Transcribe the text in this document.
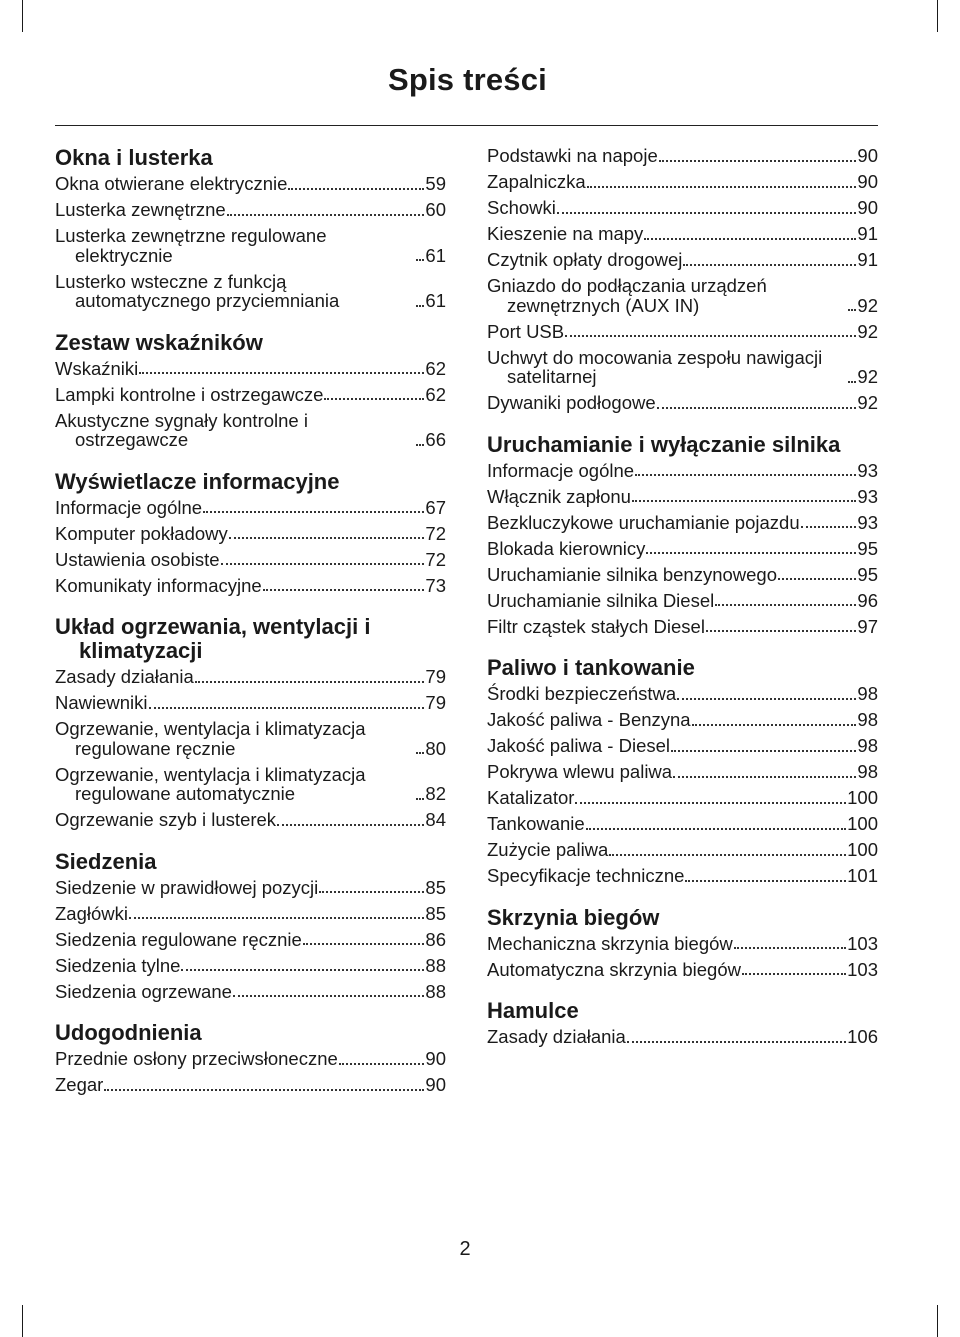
Spis treści
Okna i lusterka
Okna otwierane elektrycznie	59
Lusterka zewnętrzne	60
Lusterka zewnętrzne regulowane elektrycznie	61
Lusterko wsteczne z funkcją automatycznego przyciemniania	61
Zestaw wskaźników
Wskaźniki	62
Lampki kontrolne i ostrzegawcze	62
Akustyczne sygnały kontrolne i ostrzegawcze	66
Wyświetlacze informacyjne
Informacje ogólne	67
Komputer pokładowy	72
Ustawienia osobiste	72
Komunikaty informacyjne	73
Układ ogrzewania, wentylacji i klimatyzacji
Zasady działania	79
Nawiewniki	79
Ogrzewanie, wentylacja i klimatyzacja regulowane ręcznie	80
Ogrzewanie, wentylacja i klimatyzacja regulowane automatycznie	82
Ogrzewanie szyb i lusterek	84
Siedzenia
Siedzenie w prawidłowej pozycji	85
Zagłówki	85
Siedzenia regulowane ręcznie	86
Siedzenia tylne	88
Siedzenia ogrzewane	88
Udogodnienia
Przednie osłony przeciwsłoneczne	90
Zegar	90
Podstawki na napoje	90
Zapalniczka	90
Schowki	90
Kieszenie na mapy	91
Czytnik opłaty drogowej	91
Gniazdo do podłączania urządzeń zewnętrznych (AUX IN)	92
Port USB	92
Uchwyt do mocowania zespołu nawigacji satelitarnej	92
Dywaniki podłogowe	92
Uruchamianie i wyłączanie silnika
Informacje ogólne	93
Włącznik zapłonu	93
Bezkluczykowe uruchamianie pojazdu	93
Blokada kierownicy	95
Uruchamianie silnika benzynowego	95
Uruchamianie silnika Diesel	96
Filtr cząstek stałych Diesel	97
Paliwo i tankowanie
Środki bezpieczeństwa	98
Jakość paliwa - Benzyna	98
Jakość paliwa - Diesel	98
Pokrywa wlewu paliwa	98
Katalizator	100
Tankowanie	100
Zużycie paliwa	100
Specyfikacje techniczne	101
Skrzynia biegów
Mechaniczna skrzynia biegów	103
Automatyczna skrzynia biegów	103
Hamulce
Zasady działania	106
2
